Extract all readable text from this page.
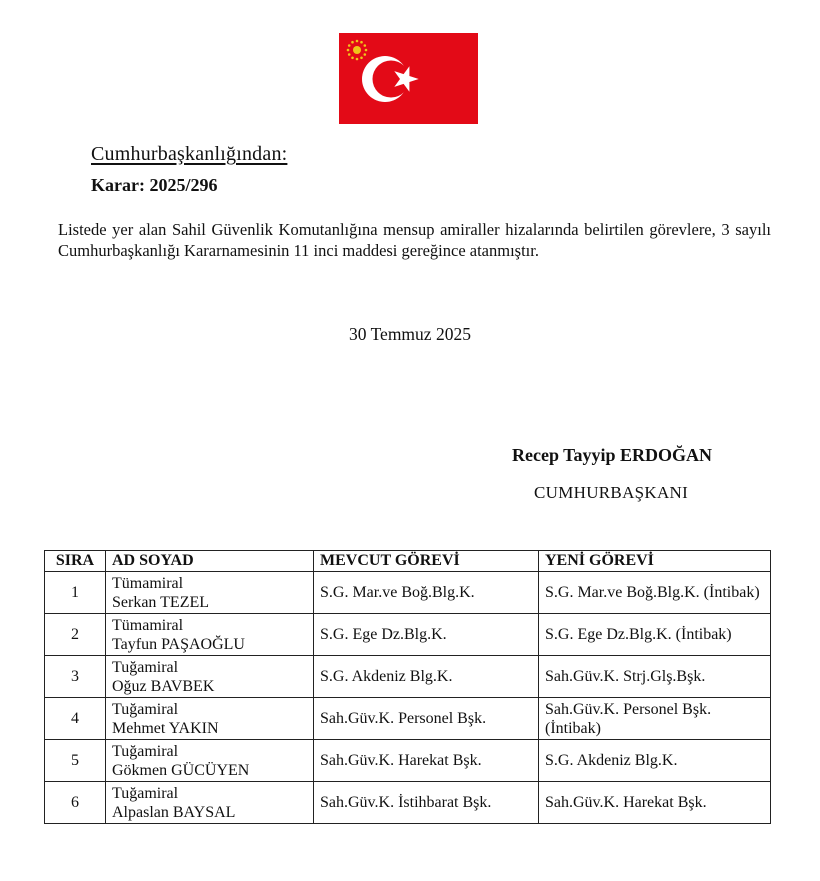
Cumhurbaşkanlığından:
Karar: 2025/296
Listede yer alan Sahil Güvenlik Komutanlığına mensup amiraller hizalarında belirtilen görevlere, 3 sayılı Cumhurbaşkanlığı Kararnamesinin 11 inci maddesi gereğince atanmıştır.
30 Temmuz 2025
Recep Tayyip ERDOĞAN
CUMHURBAŞKANI
SIRA	AD SOYAD	MEVCUT GÖREVİ	YENİ GÖREVİ
1	Tümamiral
Serkan TEZEL	S.G. Mar.ve Boğ.Blg.K.	S.G. Mar.ve Boğ.Blg.K. (İntibak)
2	Tümamiral
Tayfun PAŞAOĞLU	S.G. Ege Dz.Blg.K.	S.G. Ege Dz.Blg.K. (İntibak)
3	Tuğamiral
Oğuz BAVBEK	S.G. Akdeniz Blg.K.	Sah.Güv.K. Strj.Glş.Bşk.
4	Tuğamiral
Mehmet YAKIN	Sah.Güv.K. Personel Bşk.	Sah.Güv.K. Personel Bşk. (İntibak)
5	Tuğamiral
Gökmen GÜCÜYEN	Sah.Güv.K. Harekat Bşk.	S.G. Akdeniz Blg.K.
6	Tuğamiral
Alpaslan BAYSAL	Sah.Güv.K. İstihbarat Bşk.	Sah.Güv.K. Harekat Bşk.
